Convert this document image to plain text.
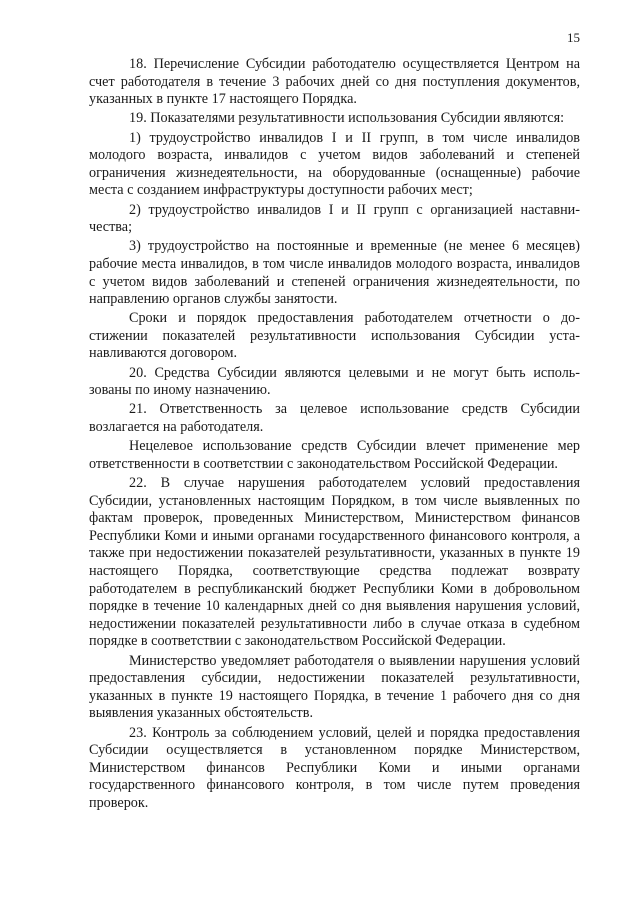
15

18. Перечисление Субсидии работодателю осуществляется Центром на счет работодателя в течение 3 рабочих дней со дня поступления документов, указанных в пункте 17 настоящего Порядка.

19. Показателями результативности использования Субсидии являются:

1) трудоустройство инвалидов I и II групп, в том числе инвалидов молодого возраста, инвалидов с учетом видов заболеваний и степеней ограничения жизнедеятельности, на оборудованные (оснащенные) рабочие места с созданием инфраструктуры доступности рабочих мест;

2) трудоустройство инвалидов I и II групп с организацией наставничества;

3) трудоустройство на постоянные и временные (не менее 6 месяцев) рабочие места инвалидов, в том числе инвалидов молодого возраста, инвалидов с учетом видов заболеваний и степеней ограничения жизнедеятельности, по направлению органов службы занятости.

Сроки и порядок предоставления работодателем отчетности о достижении показателей результативности использования Субсидии устанавливаются договором.

20. Средства Субсидии являются целевыми и не могут быть использованы по иному назначению.

21. Ответственность за целевое использование средств Субсидии возлагается на работодателя.

Нецелевое использование средств Субсидии влечет применение мер ответственности в соответствии с законодательством Российской Федерации.

22. В случае нарушения работодателем условий предоставления Субсидии, установленных настоящим Порядком, в том числе выявленных по фактам проверок, проведенных Министерством, Министерством финансов Республики Коми и иными органами государственного финансового контроля, а также при недостижении показателей результативности, указанных в пункте 19 настоящего Порядка, соответствующие средства подлежат возврату работодателем в республиканский бюджет Республики Коми в добровольном порядке в течение 10 календарных дней со дня выявления нарушения условий, недостижении показателей результативности либо в случае отказа в судебном порядке в соответствии с законодательством Российской Федерации.

Министерство уведомляет работодателя о выявлении нарушения условий предоставления субсидии, недостижении показателей результативности, указанных в пункте 19 настоящего Порядка, в течение 1 рабочего дня со дня выявления указанных обстоятельств.

23. Контроль за соблюдением условий, целей и порядка предоставления Субсидии осуществляется в установленном порядке Министерством, Министерством финансов Республики Коми и иными органами государственного финансового контроля, в том числе путем проведения проверок.
